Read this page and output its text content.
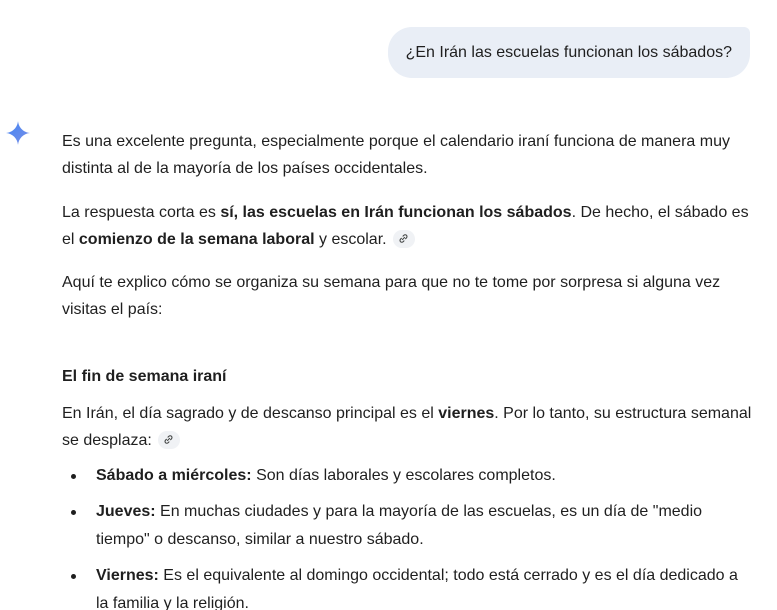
¿En Irán las escuelas funcionan los sábados?

Es una excelente pregunta, especialmente porque el calendario iraní funciona de manera muy distinta al de la mayoría de los países occidentales.

La respuesta corta es sí, las escuelas en Irán funcionan los sábados. De hecho, el sábado es el comienzo de la semana laboral y escolar.

Aquí te explico cómo se organiza su semana para que no te tome por sorpresa si alguna vez visitas el país:

El fin de semana iraní

En Irán, el día sagrado y de descanso principal es el viernes. Por lo tanto, su estructura semanal se desplaza:

Sábado a miércoles: Son días laborales y escolares completos.
Jueves: En muchas ciudades y para la mayoría de las escuelas, es un día de "medio tiempo" o descanso, similar a nuestro sábado.
Viernes: Es el equivalente al domingo occidental; todo está cerrado y es el día dedicado a la familia y la religión.
